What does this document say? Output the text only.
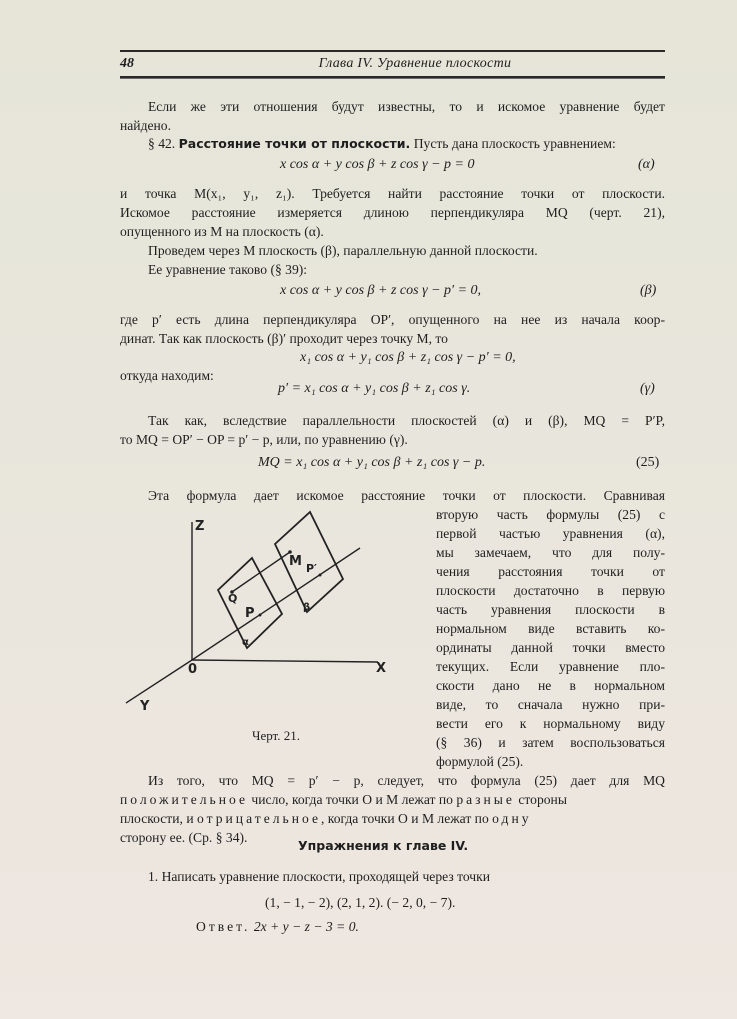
48	Глава IV. Уравнение плоскости
Если же эти отношения будут известны, то и искомое уравнение будет
найдено.
§ 42. Расстояние точки от плоскости. Пусть дана плоскость уравнением:
x cos α + y cos β + z cos γ − p = 0	(α)
и точка M(x₁, y₁, z₁). Требуется найти расстояние точки от плоскости.
Искомое расстояние измеряется длиною перпендикуляра MQ (черт. 21),
опущенного из M на плоскость (α).
Проведем через M плоскость (β), параллельную данной плоскости.
Ее уравнение таково (§ 39):
x cos α + y cos β + z cos γ − p′ = 0,	(β)
где p′ есть длина перпендикуляра OP′, опущенного на нее из начала коор-
динат. Так как плоскость (β)′ проходит через точку M, то
x₁ cos α + y₁ cos β + z₁ cos γ − p′ = 0,
откуда находим:
p′ = x₁ cos α + y₁ cos β + z₁ cos γ.	(γ)
Так как, вследствие параллельности плоскостей (α) и (β), MQ = P′P,
то MQ = OP′ − OP = p′ − p, или, по уравнению (γ).
MQ = x₁ cos α + y₁ cos β + z₁ cos γ − p.	(25)
Эта формула дает искомое расстояние точки от плоскости. Сравнивая
вторую часть формулы (25) с
первой частью уравнения (α),
мы замечаем, что для полу-
чения расстояния точки от
плоскости достаточно в первую
часть уравнения плоскости в
нормальном виде вставить ко-
ординаты данной точки вместо
текущих. Если уравнение пло-
скости дано не в нормальном
виде, то сначала нужно при-
вести его к нормальному виду
(§ 36) и затем воспользоваться
формулой (25).
Z
X
Y
0
M P′
Q
P
α
β
Черт. 21.
Из того, что MQ = p′ − p, следует, что формула (25) дает для MQ
положительное число, когда точки O и M лежат по разные стороны
плоскости, и отрицательное, когда точки O и M лежат по одну
сторону ее. (Ср. § 34).
Упражнения к главе IV.
1. Написать уравнение плоскости, проходящей через точки
(1, − 1, − 2), (2, 1, 2). (− 2, 0, − 7).
Ответ. 2x + y − z − 3 = 0.
